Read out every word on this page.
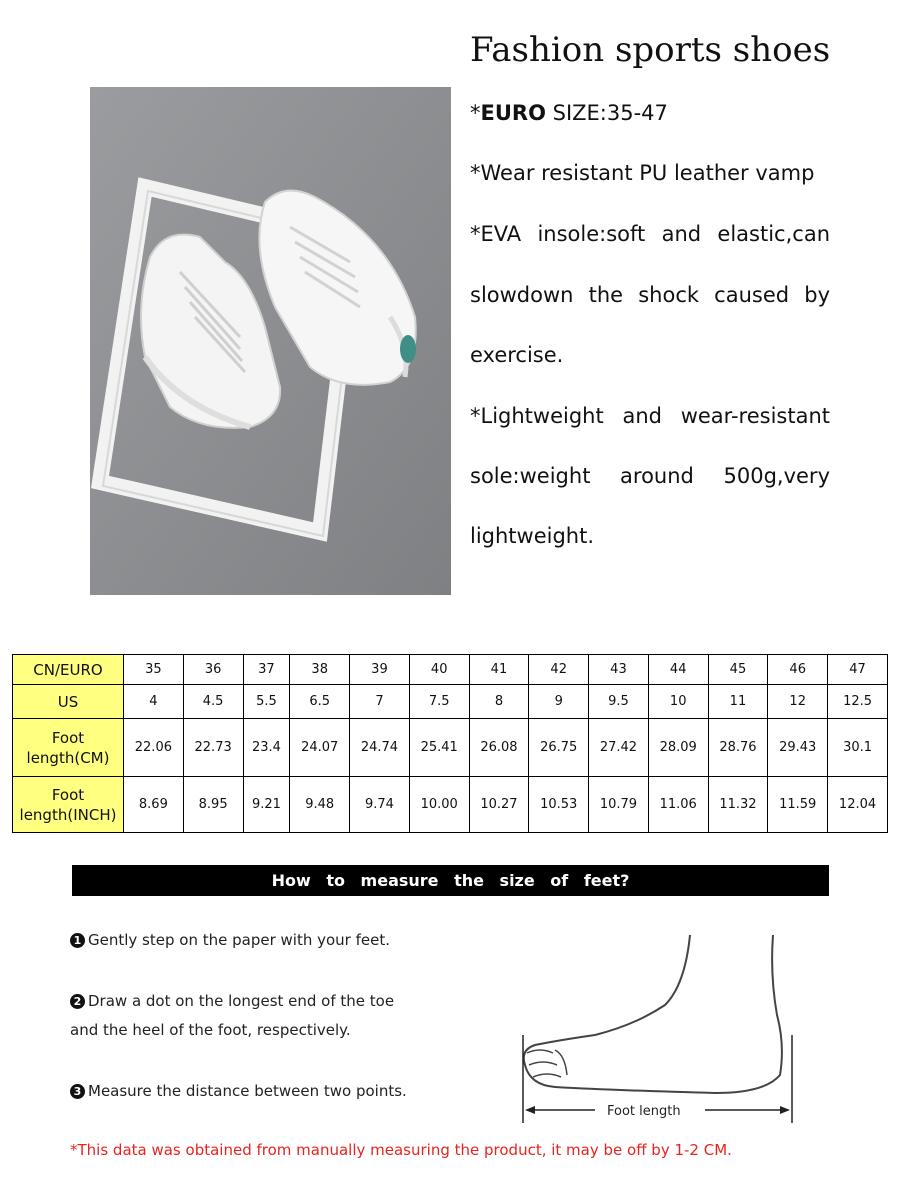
Fashion sports shoes
*EURO SIZE:35-47
*Wear resistant PU leather vamp
*EVA insole:soft and elastic,can
slowdown the shock caused by
exercise.
*Lightweight and wear-resistant
sole:weight around 500g,very
lightweight.
CN/EURO	35	36	37	38	39	40	41	42	43	44	45	46	47
US	4	4.5	5.5	6.5	7	7.5	8	9	9.5	10	11	12	12.5
Foot
length(CM)	22.06	22.73	23.4	24.07	24.74	25.41	26.08	26.75	27.42	28.09	28.76	29.43	30.1
Foot
length(INCH)	8.69	8.95	9.21	9.48	9.74	10.00	10.27	10.53	10.79	11.06	11.32	11.59	12.04
How to measure the size of feet?
1 Gently step on the paper with your feet.
2 Draw a dot on the longest end of the toe
and the heel of the foot, respectively.
3 Measure the distance between two points.
Foot length
*This data was obtained from manually measuring the product, it may be off by 1-2 CM.
